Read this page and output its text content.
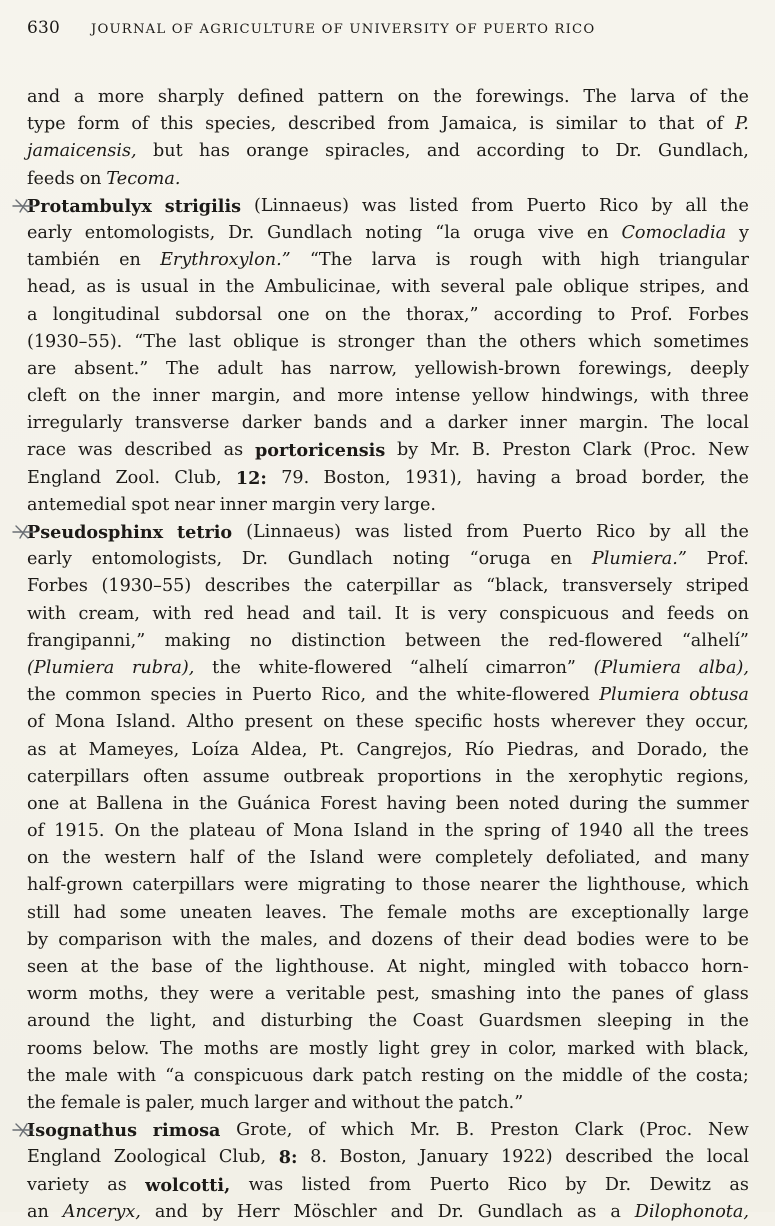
630	JOURNAL OF AGRICULTURE OF UNIVERSITY OF PUERTO RICO
and a more sharply defined pattern on the forewings. The larva of the
type form of this species, described from Jamaica, is similar to that of P.
jamaicensis, but has orange spiracles, and according to Dr. Gundlach,
feeds on Tecoma.
Protambulyx strigilis (Linnaeus) was listed from Puerto Rico by all the
early entomologists, Dr. Gundlach noting “la oruga vive en Comocladia y
también en Erythroxylon.” “The larva is rough with high triangular
head, as is usual in the Ambulicinae, with several pale oblique stripes, and
a longitudinal subdorsal one on the thorax,” according to Prof. Forbes
(1930–55). “The last oblique is stronger than the others which sometimes
are absent.” The adult has narrow, yellowish-brown forewings, deeply
cleft on the inner margin, and more intense yellow hindwings, with three
irregularly transverse darker bands and a darker inner margin. The local
race was described as portoricensis by Mr. B. Preston Clark (Proc. New
England Zool. Club, 12: 79. Boston, 1931), having a broad border, the
antemedial spot near inner margin very large.
Pseudosphinx tetrio (Linnaeus) was listed from Puerto Rico by all the
early entomologists, Dr. Gundlach noting “oruga en Plumiera.” Prof.
Forbes (1930–55) describes the caterpillar as “black, transversely striped
with cream, with red head and tail. It is very conspicuous and feeds on
frangipanni,” making no distinction between the red-flowered “alhelí”
(Plumiera rubra), the white-flowered “alhelí cimarron” (Plumiera alba),
the common species in Puerto Rico, and the white-flowered Plumiera obtusa
of Mona Island. Altho present on these specific hosts wherever they occur,
as at Mameyes, Loíza Aldea, Pt. Cangrejos, Río Piedras, and Dorado, the
caterpillars often assume outbreak proportions in the xerophytic regions,
one at Ballena in the Guánica Forest having been noted during the summer
of 1915. On the plateau of Mona Island in the spring of 1940 all the trees
on the western half of the Island were completely defoliated, and many
half-grown caterpillars were migrating to those nearer the lighthouse, which
still had some uneaten leaves. The female moths are exceptionally large
by comparison with the males, and dozens of their dead bodies were to be
seen at the base of the lighthouse. At night, mingled with tobacco horn-
worm moths, they were a veritable pest, smashing into the panes of glass
around the light, and disturbing the Coast Guardsmen sleeping in the
rooms below. The moths are mostly light grey in color, marked with black,
the male with “a conspicuous dark patch resting on the middle of the costa;
the female is paler, much larger and without the patch.”
Isognathus rimosa Grote, of which Mr. B. Preston Clark (Proc. New
England Zoological Club, 8: 8. Boston, January 1922) described the local
variety as wolcotti, was listed from Puerto Rico by Dr. Dewitz as
an Anceryx, and by Herr Möschler and Dr. Gundlach as a Dilophonota,
